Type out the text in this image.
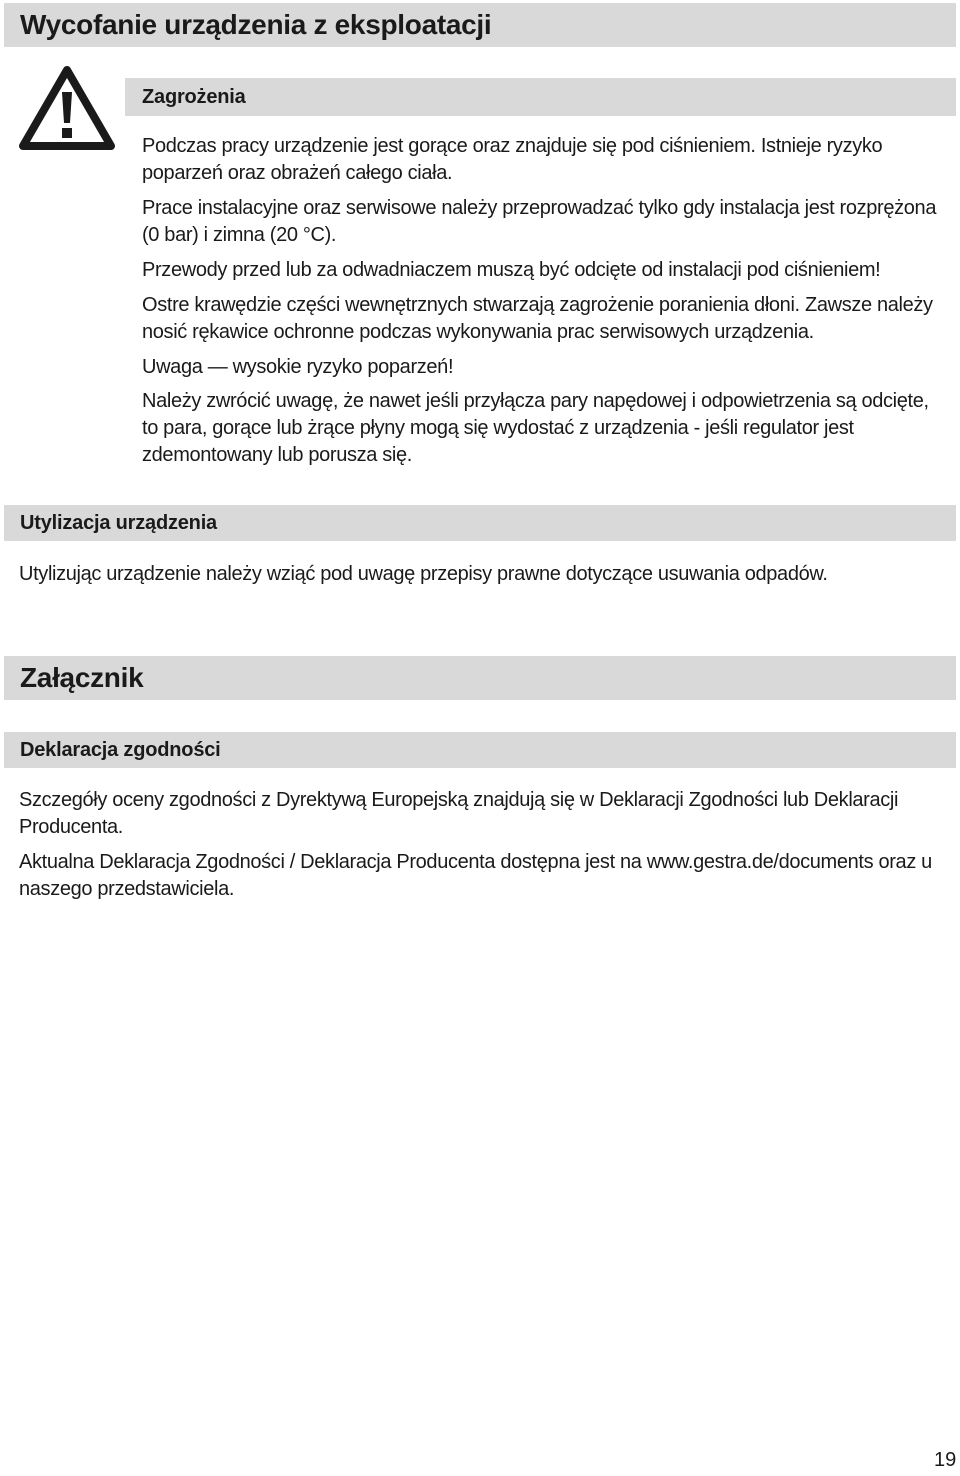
Wycofanie urządzenia z eksploatacji
Zagrożenia

Podczas pracy urządzenie jest gorące oraz znajduje się pod ciśnieniem. Istnieje ryzyko poparzeń oraz obrażeń całego ciała.

Prace instalacyjne oraz serwisowe należy przeprowadzać tylko gdy instalacja jest rozprężona (0 bar) i zimna (20 °C).

Przewody przed lub za odwadniaczem muszą być odcięte od instalacji pod ciśnieniem!

Ostre krawędzie części wewnętrznych stwarzają zagrożenie poranienia dłoni. Zawsze należy nosić rękawice ochronne podczas wykonywania prac serwisowych urządzenia.

Uwaga — wysokie ryzyko poparzeń!

Należy zwrócić uwagę, że nawet jeśli przyłącza pary napędowej i odpowietrzenia są odcięte, to para, gorące lub żrące płyny mogą się wydostać z urządzenia - jeśli regulator jest zdemontowany lub porusza się.

Utylizacja urządzenia

Utylizując urządzenie należy wziąć pod uwagę przepisy prawne dotyczące usuwania odpadów.

Załącznik
Deklaracja zgodności

Szczegóły oceny zgodności z Dyrektywą Europejską znajdują się w Deklaracji Zgodności lub Deklaracji Producenta.

Aktualna Deklaracja Zgodności / Deklaracja Producenta dostępna jest na www.gestra.de/documents oraz u naszego przedstawiciela.

19
